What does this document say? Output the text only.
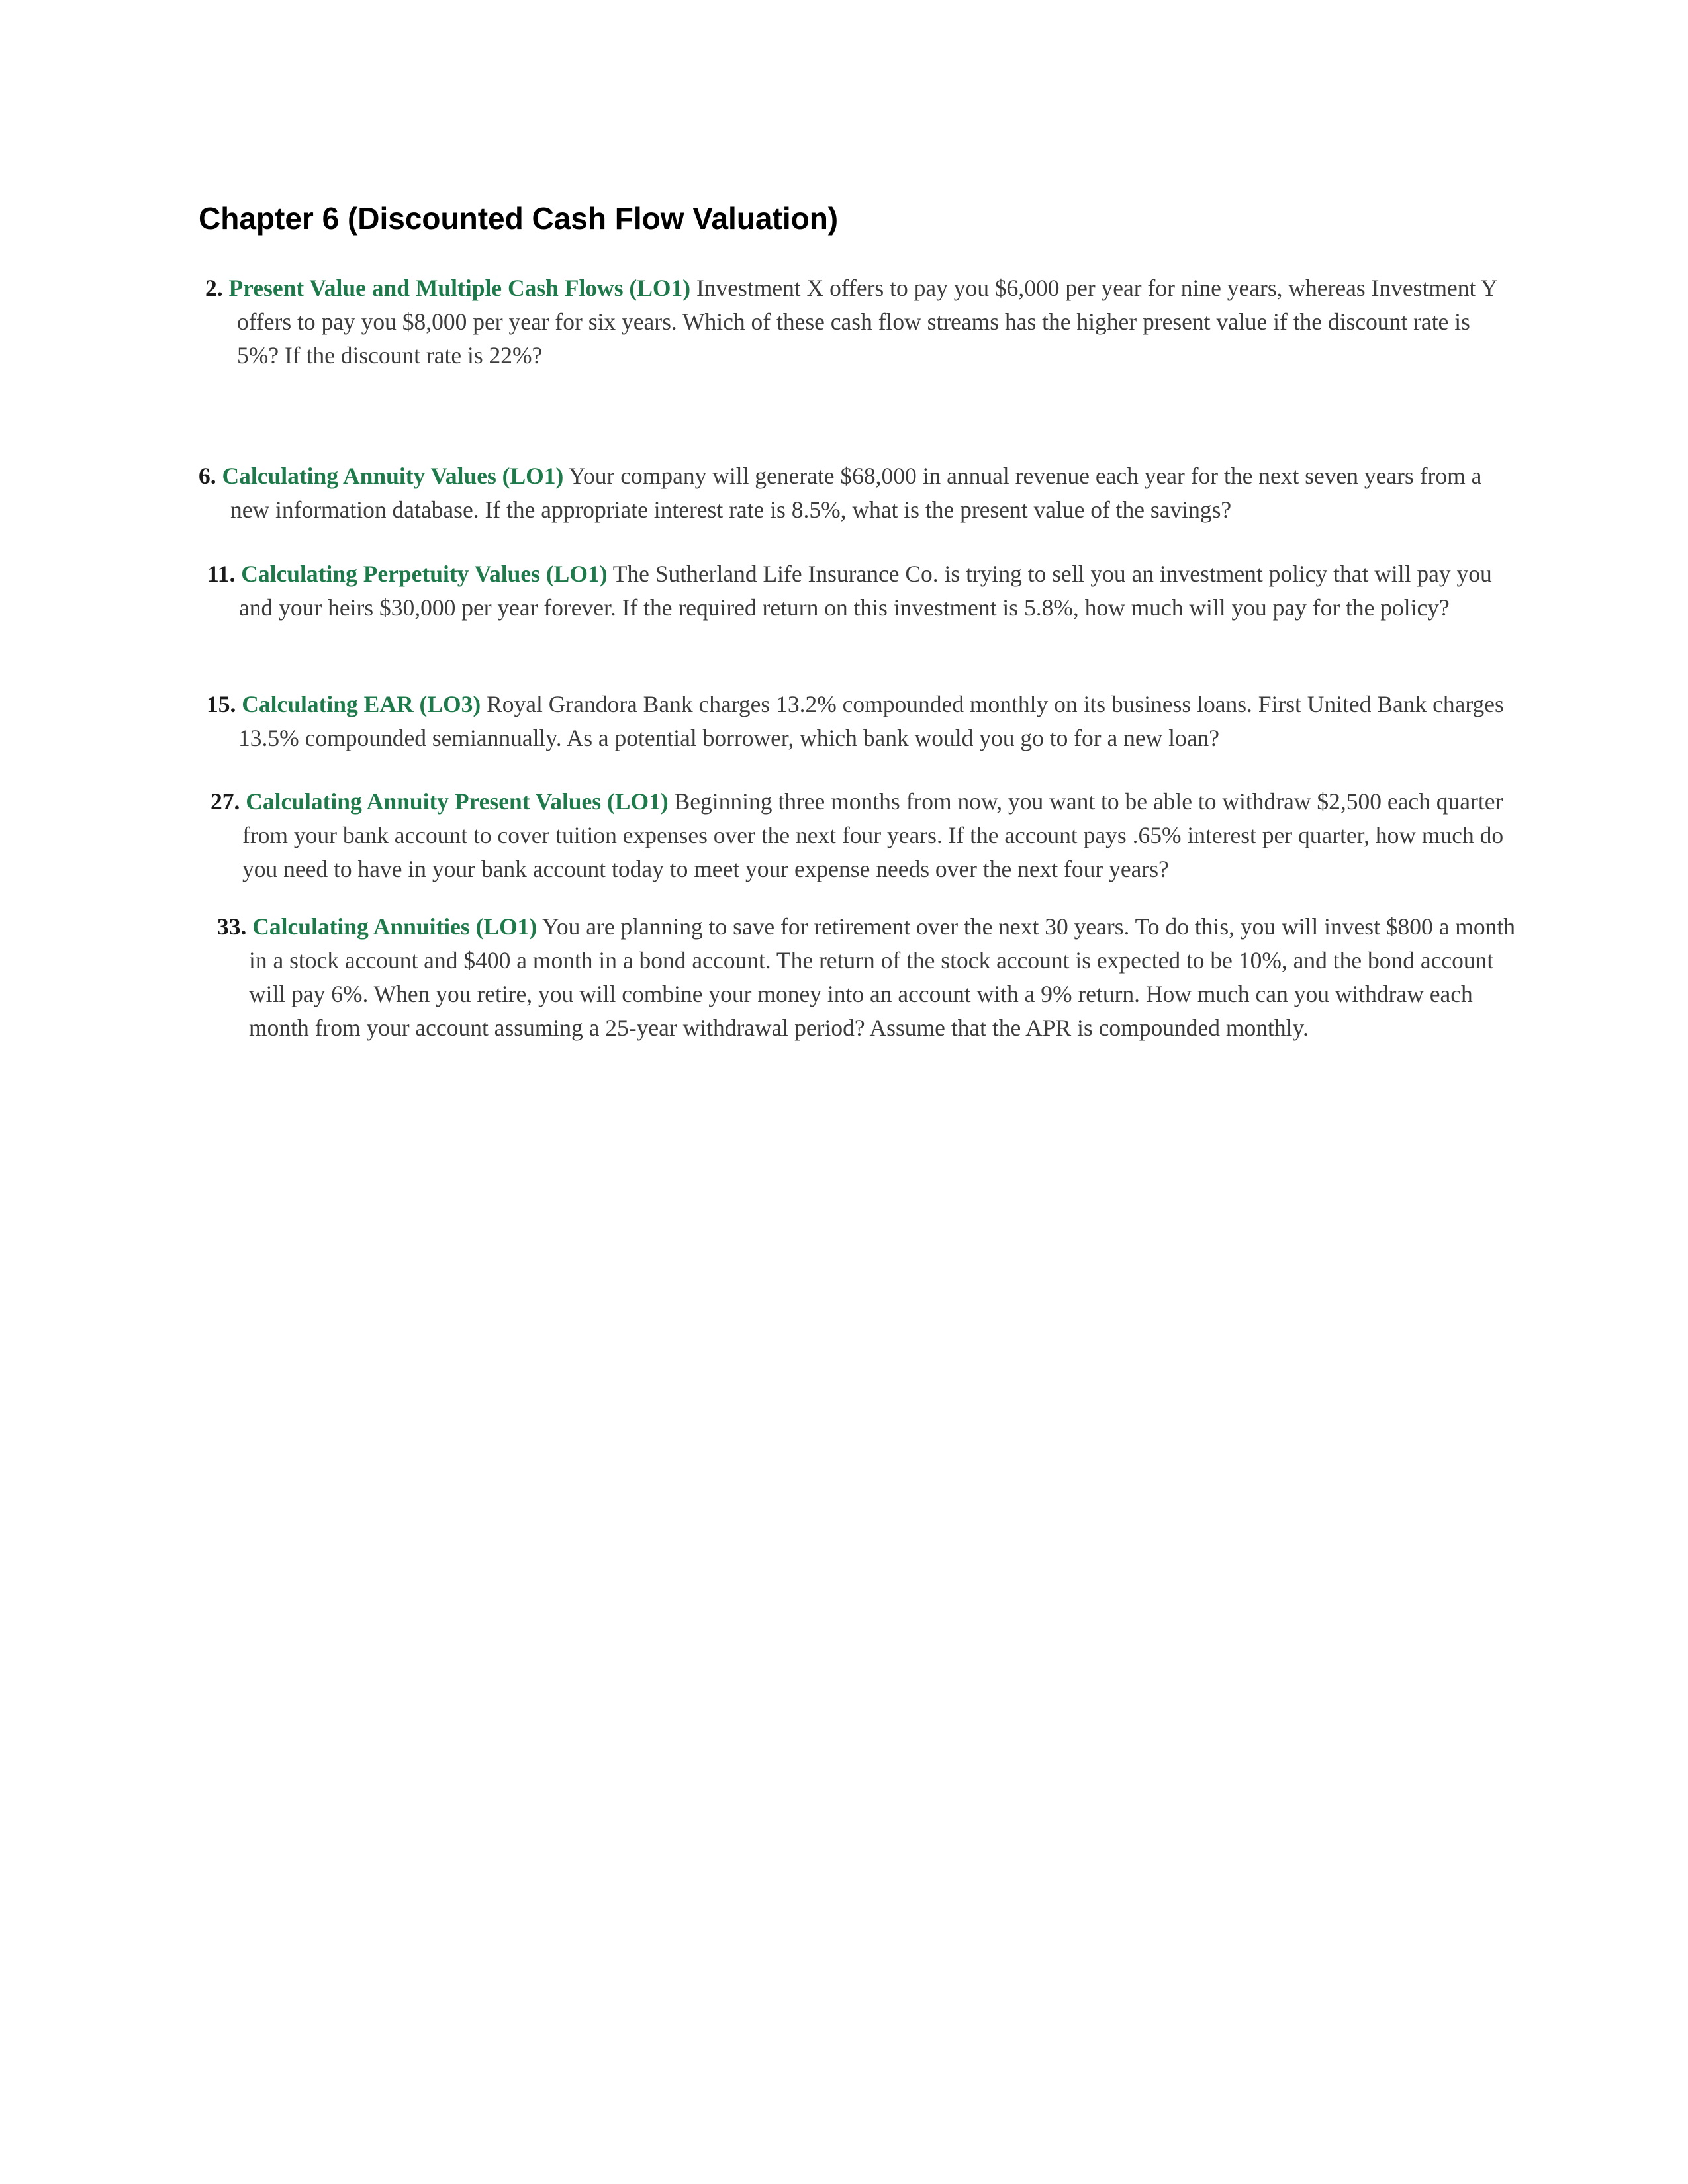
Chapter 6 (Discounted Cash Flow Valuation)

2. Present Value and Multiple Cash Flows (LO1) Investment X offers to pay you $6,000 per year for nine years, whereas Investment Y offers to pay you $8,000 per year for six years. Which of these cash flow streams has the higher present value if the discount rate is 5%? If the discount rate is 22%?

6. Calculating Annuity Values (LO1) Your company will generate $68,000 in annual revenue each year for the next seven years from a new information database. If the appropriate interest rate is 8.5%, what is the present value of the savings?

11. Calculating Perpetuity Values (LO1) The Sutherland Life Insurance Co. is trying to sell you an investment policy that will pay you and your heirs $30,000 per year forever. If the required return on this investment is 5.8%, how much will you pay for the policy?

15. Calculating EAR (LO3) Royal Grandora Bank charges 13.2% compounded monthly on its business loans. First United Bank charges 13.5% compounded semiannually. As a potential borrower, which bank would you go to for a new loan?

27. Calculating Annuity Present Values (LO1) Beginning three months from now, you want to be able to withdraw $2,500 each quarter from your bank account to cover tuition expenses over the next four years. If the account pays .65% interest per quarter, how much do you need to have in your bank account today to meet your expense needs over the next four years?

33. Calculating Annuities (LO1) You are planning to save for retirement over the next 30 years. To do this, you will invest $800 a month in a stock account and $400 a month in a bond account. The return of the stock account is expected to be 10%, and the bond account will pay 6%. When you retire, you will combine your money into an account with a 9% return. How much can you withdraw each month from your account assuming a 25-year withdrawal period? Assume that the APR is compounded monthly.
